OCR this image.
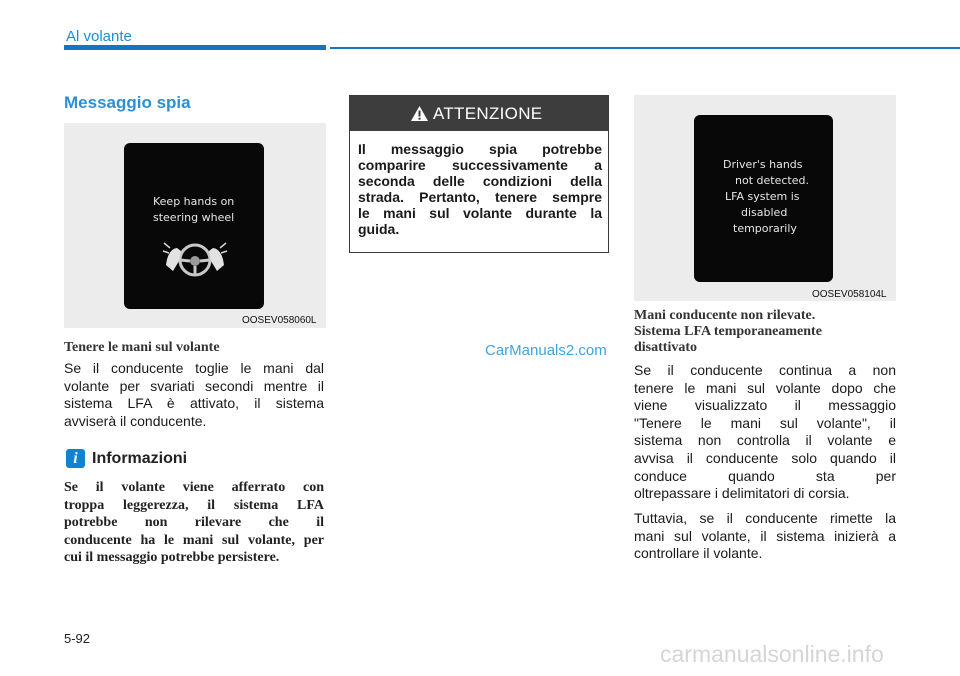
Al volante
Messaggio spia
Keep hands on
steering wheel
OOSEV058060L
Tenere le mani sul volante
Se il conducente toglie le mani dal
volante per svariati secondi mentre il
sistema LFA è attivato, il sistema
avviserà il conducente.
i Informazioni
Se il volante viene afferrato con
troppa leggerezza, il sistema LFA
potrebbe non rilevare che il
conducente ha le mani sul volante, per
cui il messaggio potrebbe persistere.
ATTENZIONE
Il messaggio spia potrebbe
comparire successivamente a
seconda delle condizioni della
strada. Pertanto, tenere sempre
le mani sul volante durante la
guida.
CarManuals2.com
Driver's hands
not detected.
LFA system is
disabled
temporarily
OOSEV058104L
Mani conducente non rilevate.
Sistema LFA temporaneamente
disattivato
Se il conducente continua a non
tenere le mani sul volante dopo che
viene visualizzato il messaggio
"Tenere le mani sul volante", il
sistema non controlla il volante e
avvisa il conducente solo quando il
conduce quando sta per
oltrepassare i delimitatori di corsia.
Tuttavia, se il conducente rimette la
mani sul volante, il sistema inizierà a
controllare il volante.
5-92
carmanualsonline.info
